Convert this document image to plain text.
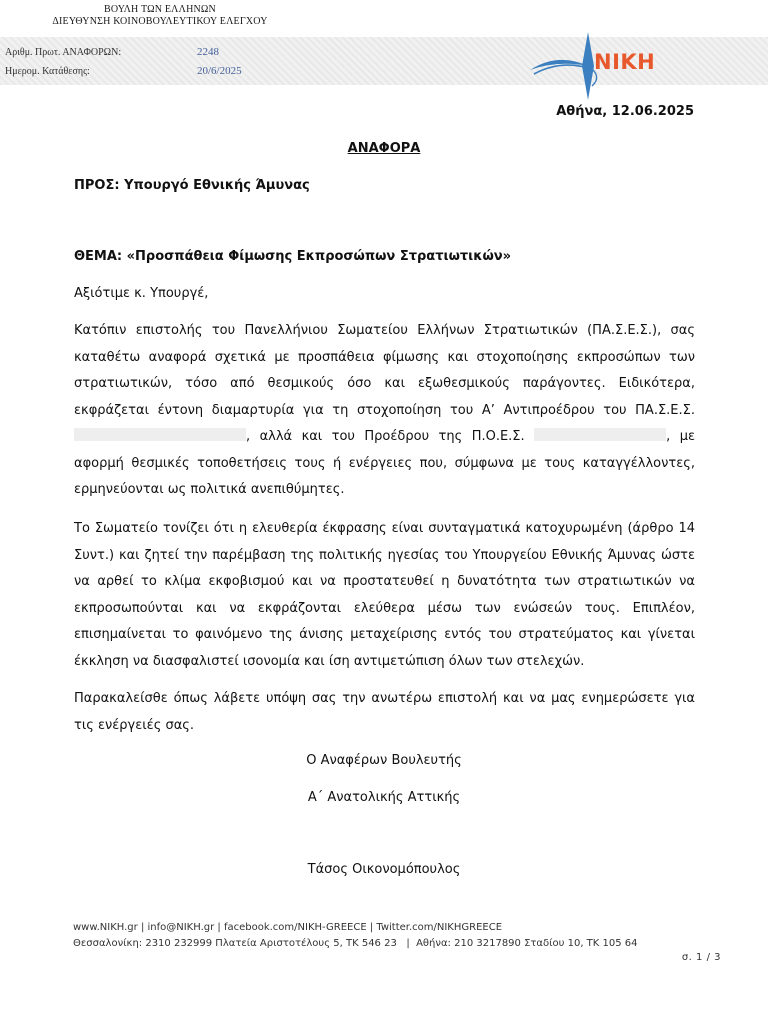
ΒΟΥΛΗ ΤΩΝ ΕΛΛΗΝΩΝ
ΔΙΕΥΘΥΝΣΗ ΚΟΙΝΟΒΟΥΛΕΥΤΙΚΟΥ ΕΛΕΓΧΟΥ
Αριθμ. Πρωτ. ΑΝΑΦΟΡΩΝ:	2248
Ημερομ. Κατάθεσης:	20/6/2025	NIKH
Αθήνα, 12.06.2025
ΑΝΑΦΟΡΑ
ΠΡΟΣ: Υπουργό Εθνικής Άμυνας
ΘΕΜΑ: «Προσπάθεια Φίμωσης Εκπροσώπων Στρατιωτικών»
Αξιότιμε κ. Υπουργέ,
Κατόπιν επιστολής του Πανελλήνιου Σωματείου Ελλήνων Στρατιωτικών (ΠΑ.Σ.Ε.Σ.), σας καταθέτω αναφορά σχετικά με προσπάθεια φίμωσης και στοχοποίησης εκπροσώπων των στρατιωτικών, τόσο από θεσμικούς όσο και εξωθεσμικούς παράγοντες. Ειδικότερα, εκφράζεται έντονη διαμαρτυρία για τη στοχοποίηση του Α’ Αντιπροέδρου του ΠΑ.Σ.Ε.Σ. , αλλά και του Προέδρου της Π.Ο.Ε.Σ.	, με αφορμή θεσμικές τοποθετήσεις τους ή ενέργειες που, σύμφωνα με τους καταγγέλλοντες, ερμηνεύονται ως πολιτικά ανεπιθύμητες.
Το Σωματείο τονίζει ότι η ελευθερία έκφρασης είναι συνταγματικά κατοχυρωμένη (άρθρο 14 Συντ.) και ζητεί την παρέμβαση της πολιτικής ηγεσίας του Υπουργείου Εθνικής Άμυνας ώστε να αρθεί το κλίμα εκφοβισμού και να προστατευθεί η δυνατότητα των στρατιωτικών να εκπροσωπούνται και να εκφράζονται ελεύθερα μέσω των ενώσεών τους. Επιπλέον, επισημαίνεται το φαινόμενο της άνισης μεταχείρισης εντός του στρατεύματος και γίνεται έκκληση να διασφαλιστεί ισονομία και ίση αντιμετώπιση όλων των στελεχών.
Παρακαλείσθε όπως λάβετε υπόψη σας την ανωτέρω επιστολή και να μας ενημερώσετε για τις ενέργειές σας.
Ο Αναφέρων Βουλευτής
Α΄ Ανατολικής Αττικής
Τάσος Οικονομόπουλος
www.NIKH.gr | info@NIKH.gr | facebook.com/NIKH-GREECE | Twitter.com/NIKHGREECE
Θεσσαλονίκη: 2310 232999 Πλατεία Αριστοτέλους 5, ΤΚ 546 23   |  Αθήνα: 210 3217890 Σταδίου 10, ΤΚ 105 64
σ. 1 / 3
